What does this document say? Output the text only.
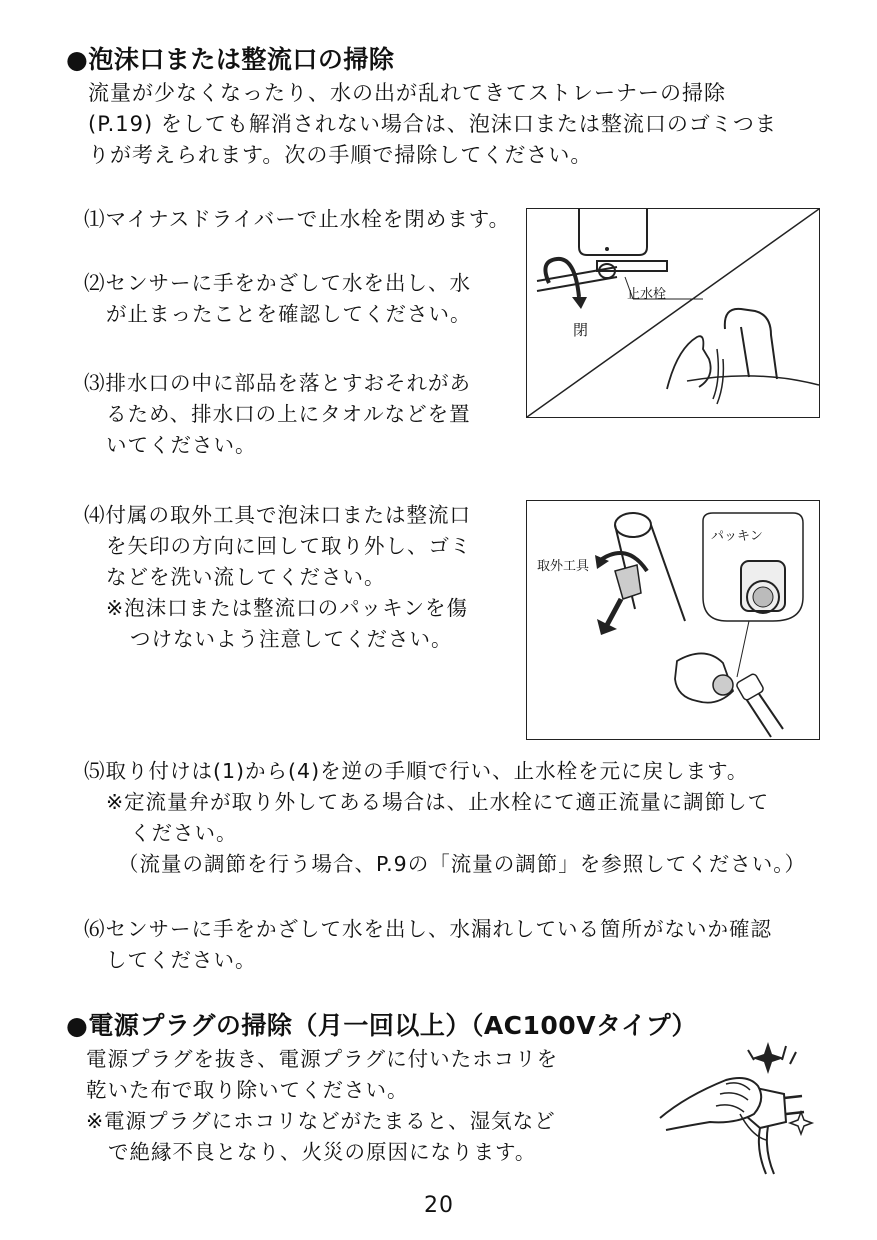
●泡沫口または整流口の掃除
流量が少なくなったり、水の出が乱れてきてストレーナーの掃除
(P.19) をしても解消されない場合は、泡沫口または整流口のゴミつま
りが考えられます。次の手順で掃除してください。
⑴マイナスドライバーで止水栓を閉めます。
⑵センサーに手をかざして水を出し、水
が止まったことを確認してください。
⑶排水口の中に部品を落とすおそれがあ
るため、排水口の上にタオルなどを置
いてください。
止水栓
閉
⑷付属の取外工具で泡沫口または整流口
を矢印の方向に回して取り外し、ゴミ
などを洗い流してください。
※泡沫口または整流口のパッキンを傷
つけないよう注意してください。
取外工具
パッキン
⑸取り付けは(1)から(4)を逆の手順で行い、止水栓を元に戻します。
※定流量弁が取り外してある場合は、止水栓にて適正流量に調節して
ください。
（流量の調節を行う場合、P.9の「流量の調節」を参照してください。）
⑹センサーに手をかざして水を出し、水漏れしている箇所がないか確認
してください。
●電源プラグの掃除（月一回以上）（AC100Vタイプ）
電源プラグを抜き、電源プラグに付いたホコリを
乾いた布で取り除いてください。
※電源プラグにホコリなどがたまると、湿気など
で絶縁不良となり、火災の原因になります。
20
